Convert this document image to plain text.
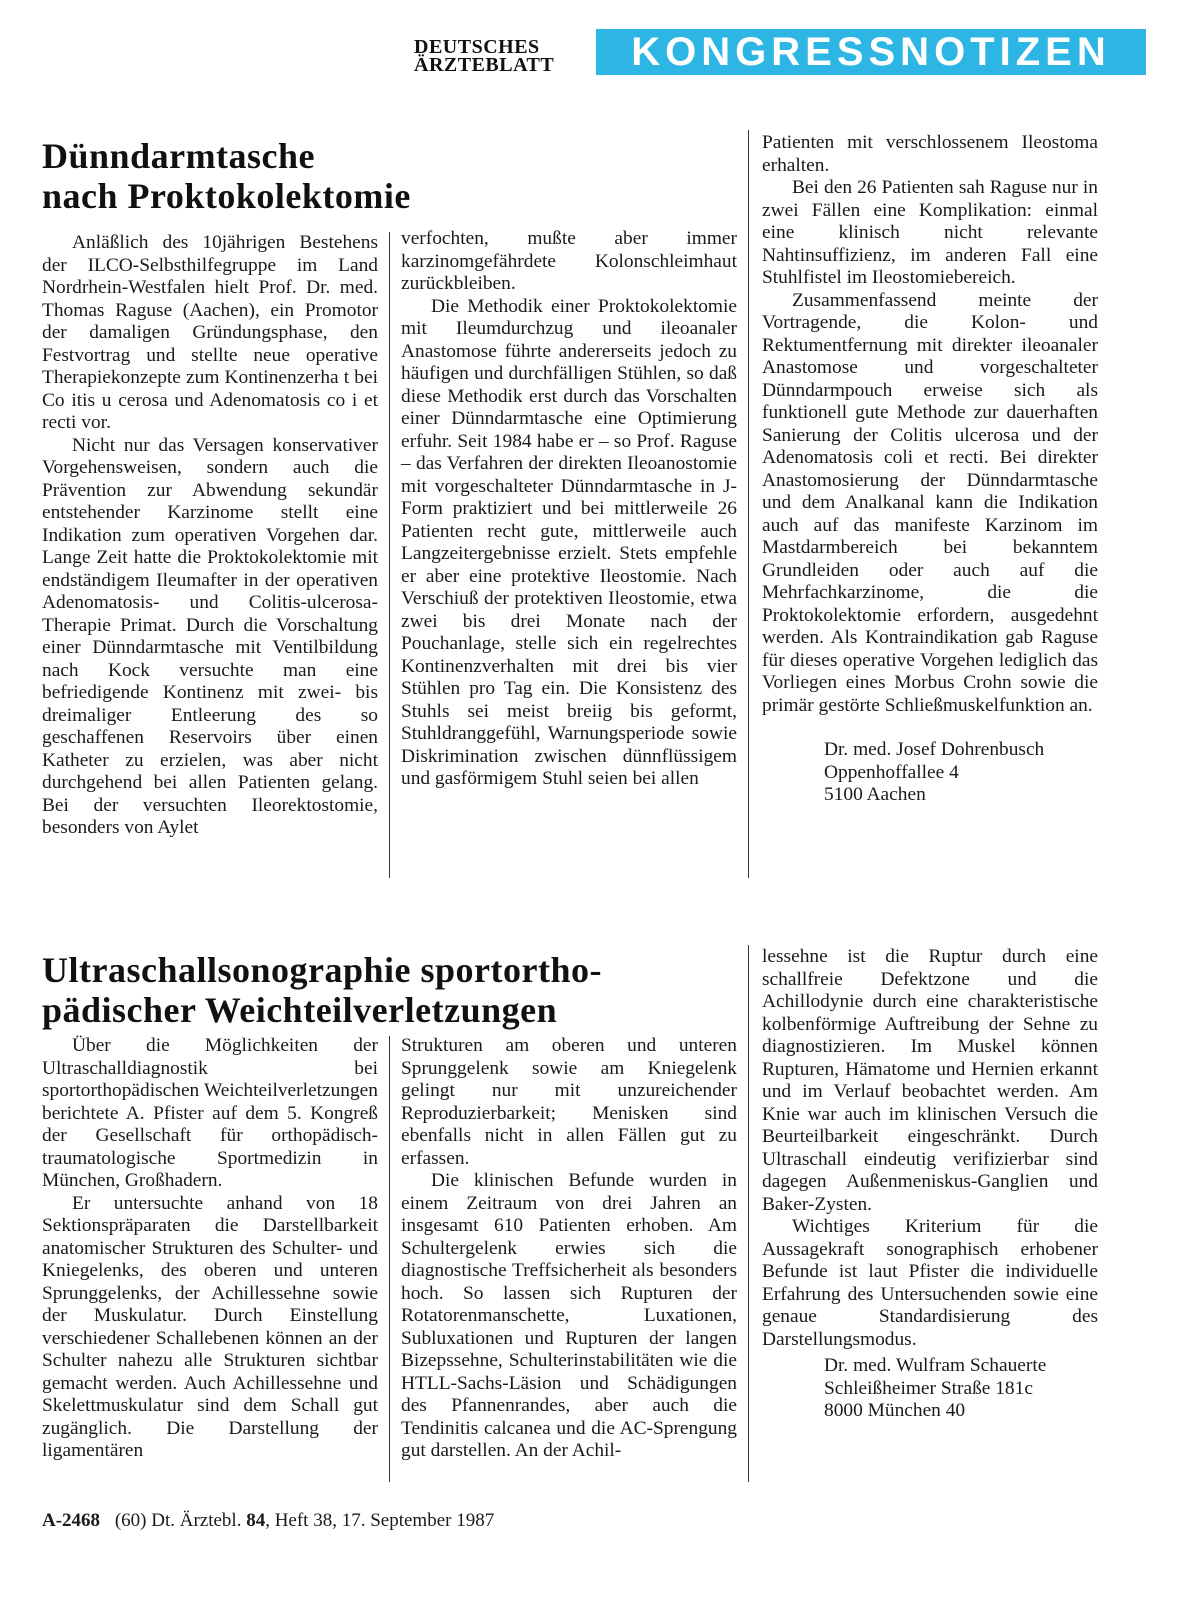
DEUTSCHES
ÄRZTEBLATT	KONGRESSNOTIZEN
Dünndarmtasche
nach Proktokolektomie

Anläßlich des 10jährigen Bestehens der ILCO-Selbsthilfegruppe im Land Nordrhein-Westfalen hielt Prof. Dr. med. Thomas Raguse (Aachen), ein Promotor der damaligen Gründungsphase, den Festvortrag und stellte neue operative Therapiekonzepte zum Kontinenzerha t bei Co itis u cerosa und Adenomatosis co i et recti vor.

Nicht nur das Versagen konservativer Vorgehensweisen, sondern auch die Prävention zur Abwendung sekundär entstehender Karzinome stellt eine Indikation zum operativen Vorgehen dar. Lange Zeit hatte die Proktokolektomie mit endständigem Ileumafter in der operativen Adenomatosis- und Colitis-ulcerosa-Therapie Primat. Durch die Vorschaltung einer Dünndarmtasche mit Ventilbildung nach Kock versuchte man eine befriedigende Kontinenz mit zwei- bis dreimaliger Entleerung des so geschaffenen Reservoirs über einen Katheter zu erzielen, was aber nicht durchgehend bei allen Patienten gelang. Bei der versuchten Ileorektostomie, besonders von Aylet

verfochten, mußte aber immer karzinomgefährdete Kolonschleimhaut zurückbleiben.

Die Methodik einer Proktokolektomie mit Ileumdurchzug und ileoanaler Anastomose führte andererseits jedoch zu häufigen und durchfälligen Stühlen, so daß diese Methodik erst durch das Vorschalten einer Dünndarmtasche eine Optimierung erfuhr. Seit 1984 habe er – so Prof. Raguse – das Verfahren der direkten Ileoanostomie mit vorgeschalteter Dünndarmtasche in J-Form praktiziert und bei mittlerweile 26 Patienten recht gute, mittlerweile auch Langzeitergebnisse erzielt. Stets empfehle er aber eine protektive Ileostomie. Nach Verschiuß der protektiven Ileostomie, etwa zwei bis drei Monate nach der Pouchanlage, stelle sich ein regelrechtes Kontinenzverhalten mit drei bis vier Stühlen pro Tag ein. Die Konsistenz des Stuhls sei meist breiig bis geformt, Stuhldranggefühl, Warnungsperiode sowie Diskrimination zwischen dünnflüssigem und gasförmigem Stuhl seien bei allen

Patienten mit verschlossenem Ileostoma erhalten.

Bei den 26 Patienten sah Raguse nur in zwei Fällen eine Komplikation: einmal eine klinisch nicht relevante Nahtinsuffizienz, im anderen Fall eine Stuhlfistel im Ileostomiebereich.

Zusammenfassend meinte der Vortragende, die Kolon- und Rektumentfernung mit direkter ileoanaler Anastomose und vorgeschalteter Dünndarmpouch erweise sich als funktionell gute Methode zur dauerhaften Sanierung der Colitis ulcerosa und der Adenomatosis coli et recti. Bei direkter Anastomosierung der Dünndarmtasche und dem Analkanal kann die Indikation auch auf das manifeste Karzinom im Mastdarmbereich bei bekanntem Grundleiden oder auch auf die Mehrfachkarzinome, die die Proktokolektomie erfordern, ausgedehnt werden. Als Kontraindikation gab Raguse für dieses operative Vorgehen lediglich das Vorliegen eines Morbus Crohn sowie die primär gestörte Schließmuskelfunktion an.

Dr. med. Josef Dohrenbusch
Oppenhoffallee 4
5100 Aachen
Ultraschallsonographie sportortho-
pädischer Weichteilverletzungen

Über die Möglichkeiten der Ultraschalldiagnostik bei sportorthopädischen Weichteilverletzungen berichtete A. Pfister auf dem 5. Kongreß der Gesellschaft für orthopädisch-traumatologische Sportmedizin in München, Großhadern.

Er untersuchte anhand von 18 Sektionspräparaten die Darstellbarkeit anatomischer Strukturen des Schulter- und Kniegelenks, des oberen und unteren Sprunggelenks, der Achillessehne sowie der Muskulatur. Durch Einstellung verschiedener Schallebenen können an der Schulter nahezu alle Strukturen sichtbar gemacht werden. Auch Achillessehne und Skelettmuskulatur sind dem Schall gut zugänglich. Die Darstellung der ligamentären

Strukturen am oberen und unteren Sprunggelenk sowie am Kniegelenk gelingt nur mit unzureichender Reproduzierbarkeit; Menisken sind ebenfalls nicht in allen Fällen gut zu erfassen.

Die klinischen Befunde wurden in einem Zeitraum von drei Jahren an insgesamt 610 Patienten erhoben. Am Schultergelenk erwies sich die diagnostische Treffsicherheit als besonders hoch. So lassen sich Rupturen der Rotatorenmanschette, Luxationen, Subluxationen und Rupturen der langen Bizepssehne, Schulterinstabilitäten wie die HTLL-Sachs-Läsion und Schädigungen des Pfannenrandes, aber auch die Tendinitis calcanea und die AC-Sprengung gut darstellen. An der Achil-

lessehne ist die Ruptur durch eine schallfreie Defektzone und die Achillodynie durch eine charakteristische kolbenförmige Auftreibung der Sehne zu diagnostizieren. Im Muskel können Rupturen, Hämatome und Hernien erkannt und im Verlauf beobachtet werden. Am Knie war auch im klinischen Versuch die Beurteilbarkeit eingeschränkt. Durch Ultraschall eindeutig verifizierbar sind dagegen Außenmeniskus-Ganglien und Baker-Zysten.

Wichtiges Kriterium für die Aussagekraft sonographisch erhobener Befunde ist laut Pfister die individuelle Erfahrung des Untersuchenden sowie eine genaue Standardisierung des Darstellungsmodus.

Dr. med. Wulfram Schauerte
Schleißheimer Straße 181c
8000 München 40
A-2468 (60) Dt. Ärztebl. 84, Heft 38, 17. September 1987
